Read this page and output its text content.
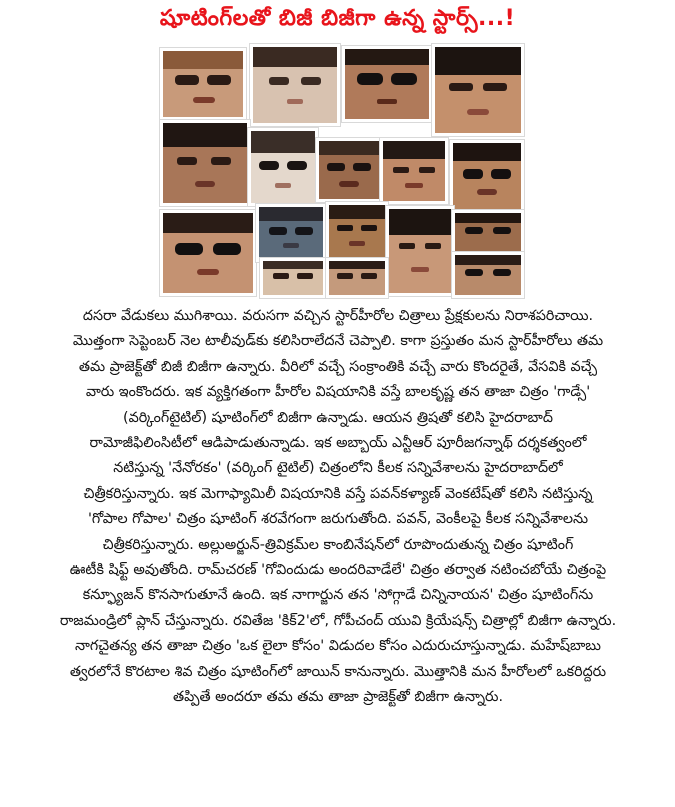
షూటింగ్‌లతో బిజీ బిజీగా ఉన్న స్టార్స్...!

దసరా వేడుకలు ముగిశాయి. వరుసగా వచ్చిన స్టార్‌హీరోల చిత్రాలు ప్రేక్షకులను నిరాశపరిచాయి.

మొత్తంగా సెప్టెంబర్ నెల టాలీవుడ్‌కు కలిసిరాలేదనే చెప్పాలి. కాగా ప్రస్తుతం మన స్టార్‌హీరోలు తమ

తమ ప్రాజెక్ట్‌తో బిజీ బిజీగా ఉన్నారు. వీరిలో వచ్చే సంక్రాంతికి వచ్చే వారు కొందరైతే, వేసవికి వచ్చే

వారు ఇంకొందరు. ఇక వ్యక్తిగతంగా హీరోల విషయానికి వస్తే బాలకృష్ణ తన తాజా చిత్రం 'గాడ్సే'

(వర్కింగ్‌టైటిల్) షూటింగ్‌లో బిజీగా ఉన్నాడు. ఆయన త్రిషతో కలిసి హైదరాబాద్

రామోజీఫిలింసిటీలో ఆడిపాడుతున్నాడు. ఇక అబ్బాయ్ ఎన్టీఆర్ పూరీజగన్నాథ్ దర్శకత్వంలో

నటిస్తున్న 'నేనోరకం' (వర్కింగ్ టైటిల్) చిత్రంలోని కీలక సన్నివేశాలను హైదరాబాద్‌లో

చిత్రీకరిస్తున్నారు. ఇక మెగాఫ్యామిలీ విషయానికి వస్తే పవన్‌కళ్యాణ్ వెంకటేష్‌తో కలిసి నటిస్తున్న

'గోపాల గోపాల' చిత్రం షూటింగ్ శరవేగంగా జరుగుతోంది. పవన్, వెంకీలపై కీలక సన్నివేశాలను

చిత్రీకరిస్తున్నారు. అల్లుఅర్జున్-త్రివిక్రమ్‌ల కాంబినేషన్‌లో రూపొందుతున్న చిత్రం షూటింగ్

ఊటీకి షిఫ్ట్ అవుతోంది. రామ్‌చరణ్ 'గోవిందుడు అందరివాడేలే' చిత్రం తర్వాత నటించబోయే చిత్రంపై

కన్ఫ్యూజన్ కొనసాగుతూనే ఉంది. ఇక నాగార్జున తన 'సోగ్గాడే చిన్నినాయన' చిత్రం షూటింగ్‌ను

రాజమండ్రిలో ప్లాన్ చేస్తున్నారు. రవితేజ 'కిక్2'లో, గోపీచంద్ యువి క్రియేషన్స్ చిత్రాల్లో బిజీగా ఉన్నారు.

నాగచైతన్య తన తాజా చిత్రం 'ఒక లైలా కోసం' విడుదల కోసం ఎదురుచూస్తున్నాడు. మహేష్‌బాబు

త్వరలోనే కొరటాల శివ చిత్రం షూటింగ్‌లో జాయిన్ కానున్నారు. మొత్తానికి మన హీరోలలో ఒకరిద్దరు

తప్పితే అందరూ తమ తమ తాజా ప్రాజెక్ట్‌తో బిజీగా ఉన్నారు.
